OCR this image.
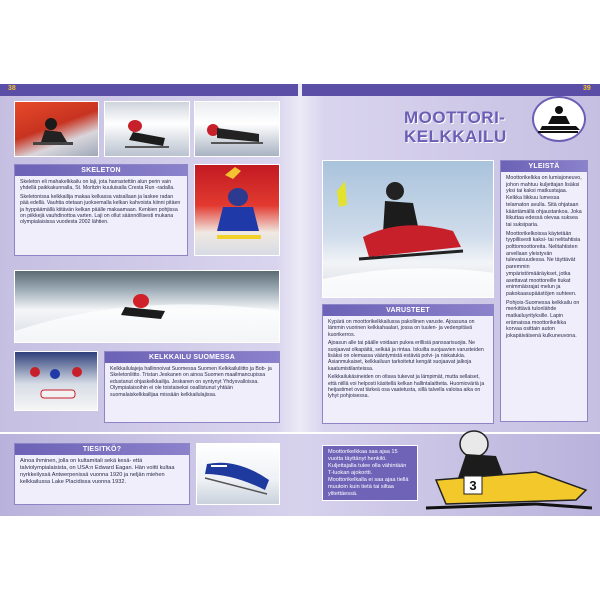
38	39
SKELETON

Skeleton eli mahakelkkailu on laji, jota harrastettiin alun perin vain yhdellä paikkakunnalla, St. Moritzin kuuluisalla Cresta Run -radalla.

Skeletonissa kelkkailija makaa kelkassa vatsallaan ja laskee radan pää edellä. Vauhtia otetaan juoksemalla kelkan kahvoista kiinni pitäen ja hyppäämällä kiitävän kelkan päälle makaamaan. Kenkien pohjissa on piikkejä vauhdinottoa varten. Laji on ollut säännöllisesti mukana olympialaisissa vuodesta 2002 lähtien.

KELKKAILU SUOMESSA

Kelkkailulajeja hallinnoivat Suomessa Suomen Kelkkailuliitto ja Bob- ja Skeletonliitto. Tristan Jeskanen on ainoa Suomen maailmancupissa edustanut ohjaskelkkailija. Jeskanen on syntynyt Yhdysvalloissa. Olympialaisoihin ei ole toistaiseksi osallistunut yhtään suomalaiskelkkailijaa missään kelkkailulajissa.

MOOTTORI-
KELKKAILU
YLEISTÄ

Moottorikelkka on lumiajoneuvo, johon mahtuu kuljettajan lisäksi yksi tai kaksi matkustajaa. Kelkka liikkuu lumessa telamaton avulla. Sitä ohjataan kääntämällä ohjaustankoa. Joka liikuttaa edessä olevaa suksea tai suksiparia.

Moottorikelkoissa käytetään tyypillisesti kaksi- tai nelitahtisia polttomoottoreita. Nelitahtisten arvellaan yleistyvän tulevaisuudessa. Ne täyttävät paremmin ympäristömääräykset, jotka asettavat moottoreille tiukat enimmäisrajat melun ja pakokaasupäästöjen suhteen.

Pohjois-Suomessa kelkkailu on merkittävä tulonlähde matkailuyrityksille. Lapin erämaissa moottorikelkka korvaa osittain auton jokapäiväisenä kulkuneuvona.

VARUSTEET

Kypärä on moottorikelkkailussa pakollinen varuste. Ajoasuna on lämmin vuorinen kelkkahaalari, jossa on tuulen- ja vedenpitävä kuorikerros.

Ajoasun alle tai päälle voidaan pukea erillisiä panssarisuojia. Ne suojaavat olkapäitä, selkää ja rintaa. Iskuilta suojaavien varusteiden lisäksi on olemassa vääntymistä estäviä polvi- ja niskatukia. Asianmukaiset, kelkkailuun tarkoitetut kengät suojaavat jalkoja kaatumistilanteissa.

Kelkkailukäsineiden on oltava tukevat ja lämpimät, mutta sellaiset, että niillä voi helposti käsitellä kelkan hallintalaitteita. Huomioväriä ja heijastimet ovat tärkeä osa vaatetusta, sillä talvella valoisa aika on lyhyt pohjoisessa.

TIESITKÖ?

Ainoa ihminen, jolla on kultamitali sekä kesä- että talviolympialaisista, on USA:n Edward Eagan. Hän voitti kultaa nyrkkeilyssä Antwerpenissä vuonna 1920 ja neljän miehen kelkkailussa Lake Placidissa vuonna 1932.

Moottorikelkkaa saa ajaa 15 vuotta täyttänyt henkilö. Kuljettajalla tulee olla vähintään T-luokan ajokortti. Moottorikelkalla ei saa ajaa tiellä muutoin kuin tietä tai siltaa ylitettäessä.

3
